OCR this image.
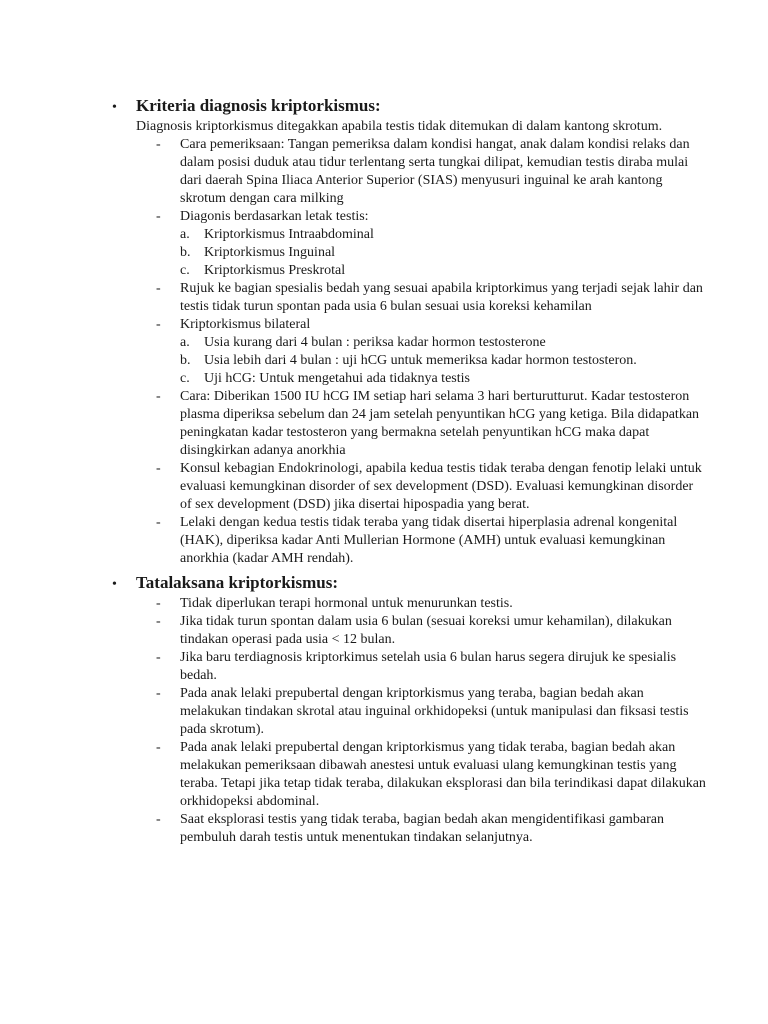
•	Kriteria diagnosis kriptorkismus:
Diagnosis kriptorkismus ditegakkan apabila testis tidak ditemukan di dalam kantong skrotum.
-	Cara pemeriksaan: Tangan pemeriksa dalam kondisi hangat, anak dalam kondisi relaks dan dalam posisi duduk atau tidur terlentang serta tungkai dilipat, kemudian testis diraba mulai dari daerah Spina Iliaca Anterior Superior (SIAS) menyusuri inguinal ke arah kantong skrotum dengan cara milking
-	Diagonis berdasarkan letak testis:
a.	Kriptorkismus Intraabdominal
b. Kriptorkismus Inguinal
c.	Kriptorkismus Preskrotal
-	Rujuk ke bagian spesialis bedah yang sesuai apabila kriptorkimus yang terjadi sejak lahir dan testis tidak turun spontan pada usia 6 bulan sesuai usia koreksi kehamilan
-	Kriptorkismus bilateral
a.	Usia kurang dari 4 bulan : periksa kadar hormon testosterone
b. Usia lebih dari 4 bulan : uji hCG untuk memeriksa kadar hormon testosteron.
c.	Uji hCG: Untuk mengetahui ada tidaknya testis
-	Cara: Diberikan 1500 IU hCG IM setiap hari selama 3 hari berturutturut. Kadar testosteron plasma diperiksa sebelum dan 24 jam setelah penyuntikan hCG yang ketiga. Bila didapatkan peningkatan kadar testosteron yang bermakna setelah penyuntikan hCG maka dapat disingkirkan adanya anorkhia
-	Konsul kebagian Endokrinologi, apabila kedua testis tidak teraba dengan fenotip lelaki untuk evaluasi kemungkinan disorder of sex development (DSD). Evaluasi kemungkinan disorder of sex development (DSD) jika disertai hipospadia yang berat.
-	Lelaki dengan kedua testis tidak teraba yang tidak disertai hiperplasia adrenal kongenital (HAK), diperiksa kadar Anti Mullerian Hormone (AMH) untuk evaluasi kemungkinan anorkhia (kadar AMH rendah).
•	Tatalaksana kriptorkismus:
-	Tidak diperlukan terapi hormonal untuk menurunkan testis.
-	Jika tidak turun spontan dalam usia 6 bulan (sesuai koreksi umur kehamilan), dilakukan tindakan operasi pada usia < 12 bulan.
-	Jika baru terdiagnosis kriptorkimus setelah usia 6 bulan harus segera dirujuk ke spesialis bedah.
-	Pada anak lelaki prepubertal dengan kriptorkismus yang teraba, bagian bedah akan melakukan tindakan skrotal atau inguinal orkhidopeksi (untuk manipulasi dan fiksasi testis pada skrotum).
-	Pada anak lelaki prepubertal dengan kriptorkismus yang tidak teraba, bagian bedah akan melakukan pemeriksaan dibawah anestesi untuk evaluasi ulang kemungkinan testis yang teraba. Tetapi jika tetap tidak teraba, dilakukan eksplorasi dan bila terindikasi dapat dilakukan orkhidopeksi abdominal.
-	Saat eksplorasi testis yang tidak teraba, bagian bedah akan mengidentifikasi gambaran pembuluh darah testis untuk menentukan tindakan selanjutnya.
